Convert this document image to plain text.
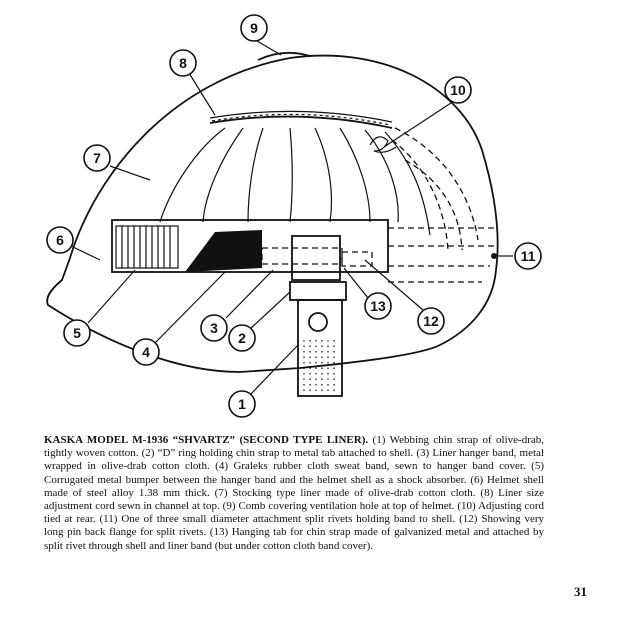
1
2
3
4
5
6
7
8
9
10
11
12
13

KASKA MODEL M-1936 “SHVARTZ” (SECOND TYPE LINER). (1) Webbing chin strap of olive-drab, tightly woven cotton. (2) “D” ring holding chin strap to metal tab attached to shell. (3) Liner hanger band, metal wrapped in olive-drab cotton cloth. (4) Graleks rubber cloth sweat band, sewn to hanger band cover. (5) Corrugated metal bumper between the hanger band and the helmet shell as a shock absorber. (6) Helmet shell made of steel alloy 1.38 mm thick. (7) Stocking type liner made of olive-drab cotton cloth. (8) Liner size adjustment cord sewn in channel at top. (9) Comb covering ventilation hole at top of helmet. (10) Adjusting cord tied at rear. (11) One of three small diameter attachment split rivets holding band to shell. (12) Showing very long pin back flange for split rivets. (13) Hanging tab for chin strap made of galvanized metal and attached by split rivet through shell and liner band (but under cotton cloth band cover).

31
